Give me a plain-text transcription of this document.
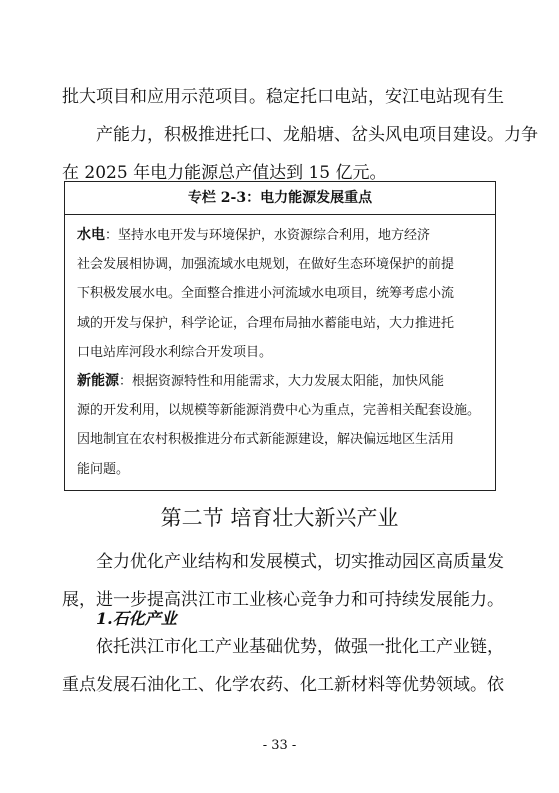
批大项目和应用示范项目。稳定托口电站，安江电站现有生
产能力，积极推进托口、龙船塘、岔头风电项目建设。力争
在 2025 年电力能源总产值达到 15 亿元。
专栏 2-3：电力能源发展重点
水电：坚持水电开发与环境保护，水资源综合利用，地方经济
社会发展相协调，加强流域水电规划，在做好生态环境保护的前提
下积极发展水电。全面整合推进小河流域水电项目，统筹考虑小流
域的开发与保护，科学论证，合理布局抽水蓄能电站，大力推进托
口电站库河段水利综合开发项目。
新能源：根据资源特性和用能需求，大力发展太阳能，加快风能
源的开发利用，以规模等新能源消费中心为重点，完善相关配套设施。
因地制宜在农村积极推进分布式新能源建设，解决偏远地区生活用
能问题。
第二节 培育壮大新兴产业
全力优化产业结构和发展模式，切实推动园区高质量发
展，进一步提高洪江市工业核心竞争力和可持续发展能力。
1.石化产业
依托洪江市化工产业基础优势，做强一批化工产业链，
重点发展石油化工、化学农药、化工新材料等优势领域。依
- 33 -
